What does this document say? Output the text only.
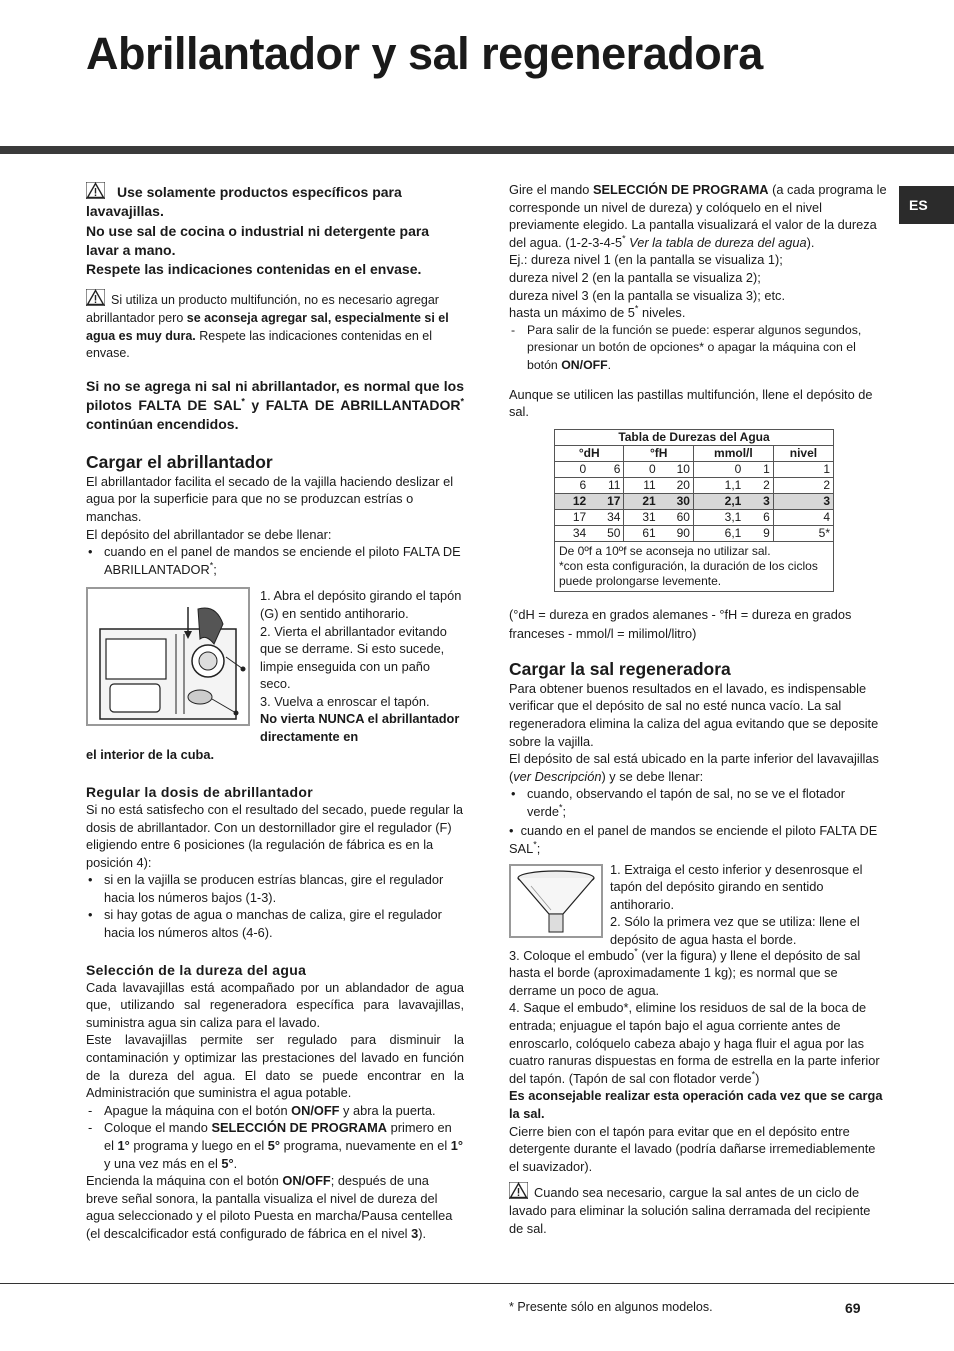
Abrillantador y sal regeneradora
ES

Use solamente productos específicos para lavavajillas.

No use sal de cocina o industrial ni detergente para lavar a mano.

Respete las indicaciones contenidas en el envase.

Si utiliza un producto multifunción, no es necesario agregar abrillantador pero se aconseja agregar sal, especialmente si el agua es muy dura. Respete las indicaciones contenidas en el envase.

Si no se agrega ni sal ni abrillantador, es normal que los pilotos FALTA DE SAL* y FALTA DE ABRILLANTADOR* continúan encendidos.

Cargar el abrillantador

El abrillantador facilita el secado de la vajilla haciendo deslizar el agua por la superficie para que no se produzcan estrías o manchas.

El depósito del abrillantador se debe llenar:

• cuando en el panel de mandos se enciende el piloto FALTA DE ABRILLANTADOR*;

1. Abra el depósito girando el tapón (G) en sentido antihorario.

2. Vierta el abrillantador evitando que se derrame. Si esto sucede, limpie enseguida con un paño seco.

3. Vuelva a enroscar el tapón.

No vierta NUNCA el abrillantador directamente en

el interior de la cuba.

Regular la dosis de abrillantador

Si no está satisfecho con el resultado del secado, puede regular la dosis de abrillantador. Con un destornillador gire el regulador (F) eligiendo entre 6 posiciones (la regulación de fábrica es en la posición 4):

• si en la vajilla se producen estrías blancas, gire el regulador hacia los números bajos (1-3).
• si hay gotas de agua o manchas de caliza, gire el regulador hacia los números altos (4-6).
Selección de la dureza del agua

Cada lavavajillas está acompañado por un ablandador de agua que, utilizando sal regeneradora específica para lavavajillas, suministra agua sin caliza para el lavado.

Este lavavajillas permite ser regulado para disminuir la contaminación y optimizar las prestaciones del lavado en función de la dureza del agua. El dato se puede encontrar en la Administración que suministra el agua potable.

- Apague la máquina con el botón ON/OFF y abra la puerta.
- Coloque el mando SELECCIÓN DE PROGRAMA primero en el 1° programa y luego en el 5° programa, nuevamente en el 1° y una vez más en el 5°.

Encienda la máquina con el botón ON/OFF; después de una breve señal sonora, la pantalla visualiza el nivel de dureza del agua seleccionado y el piloto Puesta en marcha/Pausa centellea (el descalcificador está configurado de fábrica en el nivel 3).

Gire el mando SELECCIÓN DE PROGRAMA (a cada programa le corresponde un nivel de dureza) y colóquelo en el nivel previamente elegido. La pantalla visualizará el valor de la dureza del agua. (1-2-3-4-5* Ver la tabla de dureza del agua).

Ej.: dureza nivel 1 (en la pantalla se visualiza 1);

dureza nivel 2 (en la pantalla se visualiza 2);

dureza nivel 3 (en la pantalla se visualiza 3); etc.

hasta un máximo de 5* niveles.

- Para salir de la función se puede: esperar algunos segundos, presionar un botón de opciones* o apagar la máquina con el botón ON/OFF.

Aunque se utilicen las pastillas multifunción, llene el depósito de sal.

Tabla de Durezas del Agua						
°dH		°fH		mmol/l		nivel
0	6	0	10	0	1	1
6	11	11	20	1,1	2	2
12	17	21	30	2,1	3	3
17	34	31	60	3,1	6	4
34	50	61	90	6,1	9	5*

De 0ºf a 10ºf se aconseja no utilizar sal.
*con esta configuración, la duración de los ciclos puede prolongarse levemente.						

(°dH = dureza en grados alemanes - °fH = dureza en grados franceses - mmol/l = milimol/litro)

Cargar la sal regeneradora

Para obtener buenos resultados en el lavado, es indispensable verificar que el depósito de sal no esté nunca vacío. La sal regeneradora elimina la caliza del agua evitando que se deposite sobre la vajilla.

El depósito de sal está ubicado en la parte inferior del lavavajillas (ver Descripción) y se debe llenar:

• cuando, observando el tapón de sal, no se ve el flotador verde*;

•  cuando en el panel de mandos se enciende el piloto FALTA DE SAL*;

1. Extraiga el cesto inferior y desenrosque el tapón del depósito girando en sentido antihorario.

2. Sólo la primera vez que se utiliza: llene el depósito de agua hasta el borde.

3. Coloque el embudo* (ver la figura) y llene el depósito de sal hasta el borde (aproximadamente 1 kg); es normal que se derrame un poco de agua.

4. Saque el embudo*, elimine los residuos de sal de la boca de entrada; enjuague el tapón bajo el agua corriente antes de enroscarlo, colóquelo cabeza abajo y haga fluir el agua por las cuatro ranuras dispuestas en forma de estrella en la parte inferior del tapón. (Tapón de sal con flotador verde*)

Es aconsejable realizar esta operación cada vez que se carga la sal.

Cierre bien con el tapón para evitar que en el depósito entre detergente durante el lavado (podría dañarse irremediablemente el suavizador).

Cuando sea necesario, cargue la sal antes de un ciclo de lavado para eliminar la solución salina derramada del recipiente de sal.

* Presente sólo en algunos modelos.	69
